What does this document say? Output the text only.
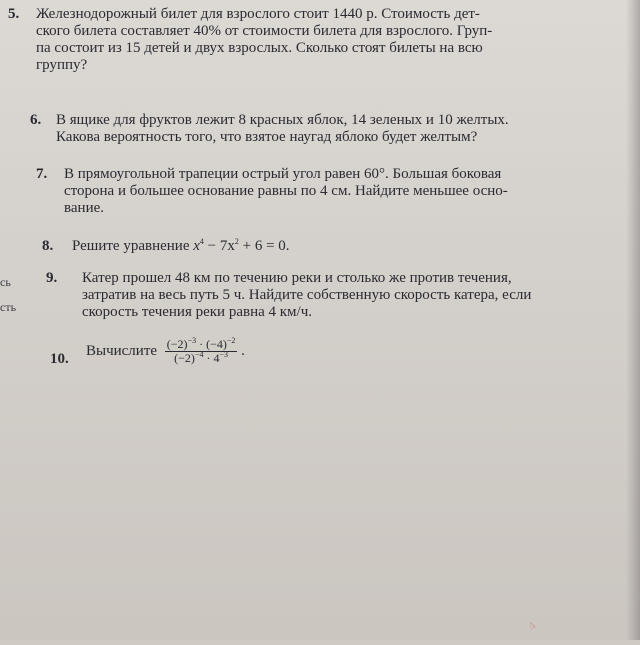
сь
сть
5. Железнодорожный билет для взрослого стоит 1440 р. Стоимость дет-
ского билета составляет 40% от стоимости билета для взрослого. Груп-
па состоит из 15 детей и двух взрослых. Сколько стоят билеты на всю
группу?
6. В ящике для фруктов лежит 8 красных яблок, 14 зеленых и 10 желтых.
Какова вероятность того, что взятое наугад яблоко будет желтым?
7. В прямоугольной трапеции острый угол равен 60°. Большая боковая
сторона и большее основание равны по 4 см. Найдите меньшее осно-
вание.
8. Решите уравнение $x^4 - 7x^2 + 6 = 0$.
9. Катер прошел 48 км по течению реки и столько же против течения,
затратив на весь путь 5 ч. Найдите собственную скорость катера, если
скорость течения реки равна 4 км/ч.
10. Вычислите $\frac{(-2)^{-3} \cdot (-4)^{-2}}{(-2)^{-4} \cdot 4^{-3}}$ .
4
